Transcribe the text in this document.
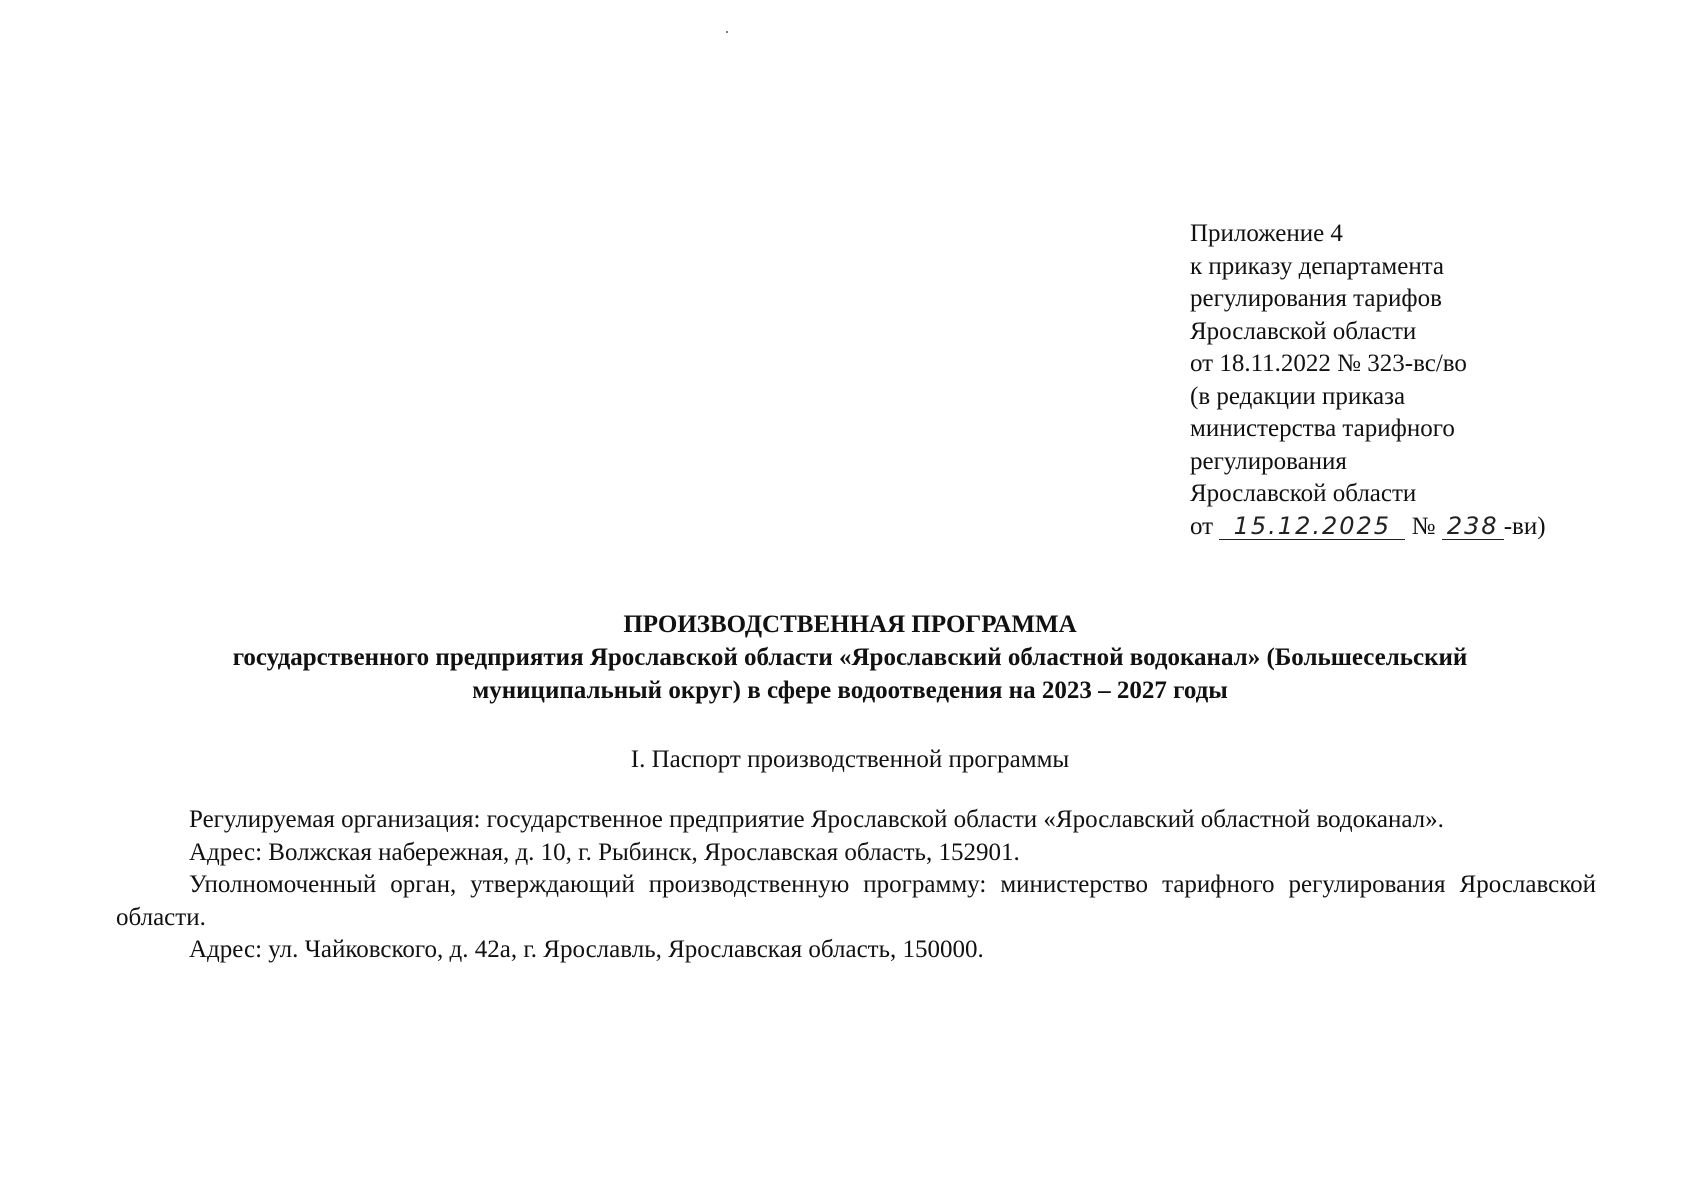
Приложение 4
к приказу департамента
регулирования тарифов
Ярославской области
от 18.11.2022 № 323-вс/во
(в редакции приказа
министерства тарифного
регулирования
Ярославской области
от 15.12.2025 № 238 -ви)
ПРОИЗВОДСТВЕННАЯ ПРОГРАММА
государственного предприятия Ярославской области «Ярославский областной водоканал» (Большесельский
муниципальный округ) в сфере водоотведения на 2023 – 2027 годы
I. Паспорт производственной программы

Регулируемая организация: государственное предприятие Ярославской области «Ярославский областной водоканал».

Адрес: Волжская набережная, д. 10, г. Рыбинск, Ярославская область, 152901.

Уполномоченный орган, утверждающий производственную программу: министерство тарифного регулирования Ярославской области.

Адрес: ул. Чайковского, д. 42а, г. Ярославль, Ярославская область, 150000.
